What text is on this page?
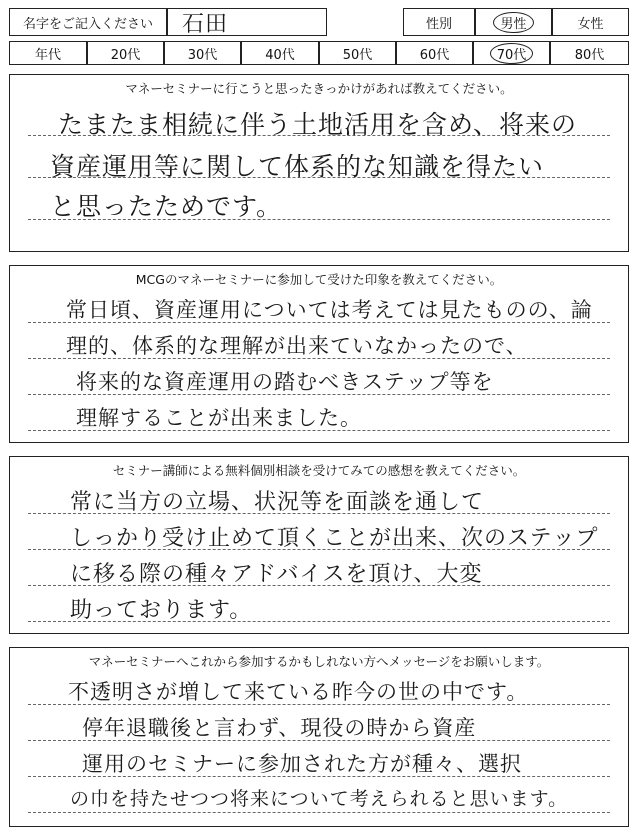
名字をご記入ください	石田	性別	男性	女性
年代	20代	30代	40代	50代	60代	70代	80代
マネーセミナーに行こうと思ったきっかけがあれば教えてください。
たまたま相続に伴う土地活用を含め、将来の
資産運用等に関して体系的な知識を得たい
と思ったためです。
MCGのマネーセミナーに参加して受けた印象を教えてください。
常日頃、資産運用については考えては見たものの、論
理的、体系的な理解が出来ていなかったので、
将来的な資産運用の踏むべきステップ等を
理解することが出来ました。
セミナー講師による無料個別相談を受けてみての感想を教えてください。
常に当方の立場、状況等を面談を通して
しっかり受け止めて頂くことが出来、次のステップ
に移る際の種々アドバイスを頂け、大変
助っております。
マネーセミナーへこれから参加するかもしれない方へメッセージをお願いします。
不透明さが増して来ている昨今の世の中です。
停年退職後と言わず、現役の時から資産
運用のセミナーに参加された方が種々、選択
の巾を持たせつつ将来について考えられると思います。
